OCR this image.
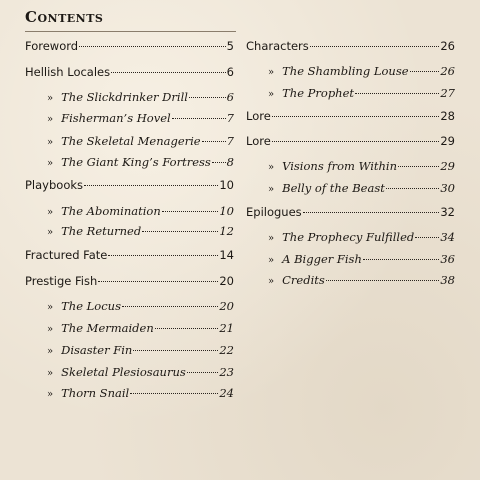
Contents
Foreword	5
Hellish Locales	6
» The Slickdrinker Drill	6
» Fisherman’s Hovel	7
» The Skeletal Menagerie 7
» The Giant King’s Fortress 8
Playbooks	10
» The Abomination	10
» The Returned	12
Fractured Fate	14
Prestige Fish	20
» The Locus	20
» The Mermaiden	21
» Disaster Fin	22
» Skeletal Plesiosaurus	23
» Thorn Snail	24
Characters	26
» The Shambling Louse	26
» The Prophet	27
Lore	28
Lore	29
» Visions from Within	29
» Belly of the Beast	30
Epilogues	32
» The Prophecy Fulfilled 34
» A Bigger Fish	36
» Credits	38
